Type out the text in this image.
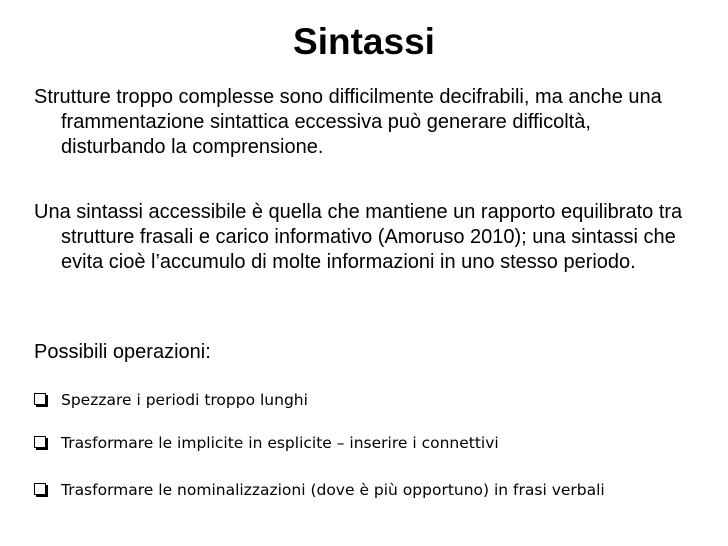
Sintassi
Strutture troppo complesse sono difficilmente decifrabili, ma anche una frammentazione sintattica eccessiva può generare difficoltà, disturbando la comprensione.
Una sintassi accessibile è quella che mantiene un rapporto equilibrato tra strutture frasali e carico informativo (Amoruso 2010); una sintassi che evita cioè l’accumulo di molte informazioni in uno stesso periodo.
Possibili operazioni:
Spezzare i periodi troppo lunghi
Trasformare le implicite in esplicite – inserire i connettivi
Trasformare le nominalizzazioni (dove è più opportuno) in frasi verbali
